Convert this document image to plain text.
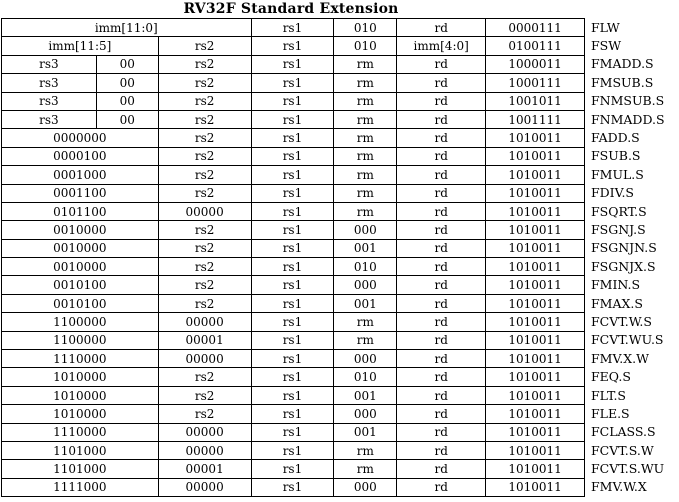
RV32F Standard Extension
imm[11:0]			rs1	010	rd	0000111	FLW
imm[11:5]		rs2	rs1	010	imm[4:0]	0100111	FSW
rs3	00	rs2	rs1	rm	rd	1000011	FMADD.S
rs3	00	rs2	rs1	rm	rd	1000111	FMSUB.S
rs3	00	rs2	rs1	rm	rd	1001011	FNMSUB.S
rs3	00	rs2	rs1	rm	rd	1001111	FNMADD.S
0000000		rs2	rs1	rm	rd	1010011	FADD.S
0000100		rs2	rs1	rm	rd	1010011	FSUB.S
0001000		rs2	rs1	rm	rd	1010011	FMUL.S
0001100		rs2	rs1	rm	rd	1010011	FDIV.S
0101100		00000	rs1	rm	rd	1010011	FSQRT.S
0010000		rs2	rs1	000	rd	1010011	FSGNJ.S
0010000		rs2	rs1	001	rd	1010011	FSGNJN.S
0010000		rs2	rs1	010	rd	1010011	FSGNJX.S
0010100		rs2	rs1	000	rd	1010011	FMIN.S
0010100		rs2	rs1	001	rd	1010011	FMAX.S
1100000		00000	rs1	rm	rd	1010011	FCVT.W.S
1100000		00001	rs1	rm	rd	1010011	FCVT.WU.S
1110000		00000	rs1	000	rd	1010011	FMV.X.W
1010000		rs2	rs1	010	rd	1010011	FEQ.S
1010000		rs2	rs1	001	rd	1010011	FLT.S
1010000		rs2	rs1	000	rd	1010011	FLE.S
1110000		00000	rs1	001	rd	1010011	FCLASS.S
1101000		00000	rs1	rm	rd	1010011	FCVT.S.W
1101000		00001	rs1	rm	rd	1010011	FCVT.S.WU
1111000		00000	rs1	000	rd	1010011	FMV.W.X
